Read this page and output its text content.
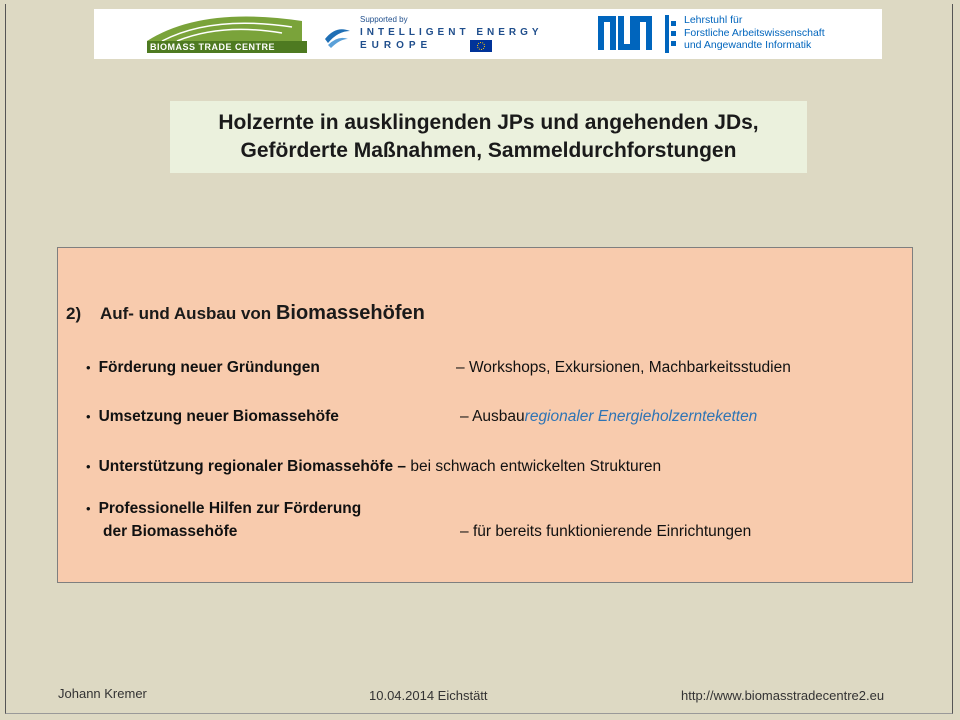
BIOMASS TRADE CENTRE
Supported by
INTELLIGENT ENERGY
EUROPE
Lehrstuhl für
Forstliche Arbeitswissenschaft
und Angewandte Informatik
Holzernte in ausklingenden JPs und angehenden JDs,
Geförderte Maßnahmen, Sammeldurchforstungen
2) Auf- und Ausbau von Biomassehöfen
• Förderung neuer Gründungen	– Workshops, Exkursionen, Machbarkeitsstudien
• Umsetzung neuer Biomassehöfe	– Ausbauregionaler Energieholzernteketten
• Unterstützung regionaler Biomassehöfe – bei schwach entwickelten Strukturen
• Professionelle Hilfen zur Förderung
der Biomassehöfe	– für bereits funktionierende Einrichtungen
Johann Kremer	10.04.2014 Eichstätt	http://www.biomasstradecentre2.eu
